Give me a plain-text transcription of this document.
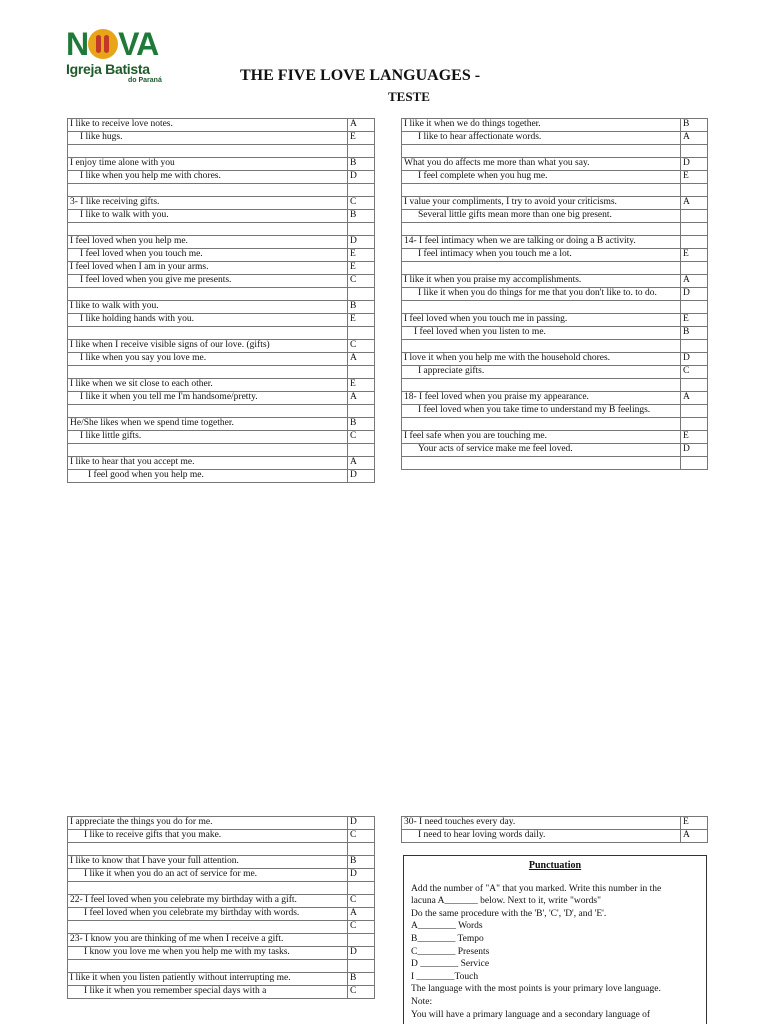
N VA
Igreja Batista
do Paraná	THE FIVE LOVE LANGUAGES -
TESTE
I like to receive love notes.	A
I like hugs.	E

I enjoy time alone with you	B
I like when you help me with chores.	D

3- I like receiving gifts.	C
I like to walk with you.	B

I feel loved when you help me.	D
I feel loved when you touch me.	E
I feel loved when I am in your arms.	E
I feel loved when you give me presents.	C

I like to walk with you.	B
I like holding hands with you.	E

I like when I receive visible signs of our love. (gifts)	C
I like when you say you love me.	A

I like when we sit close to each other.	E
I like it when you tell me I'm handsome/pretty.	A

He/She likes when we spend time together.	B
I like little gifts.	C

I like to hear that you accept me.	A
I feel good when you help me.	D
I like it when we do things together.	B
I like to hear affectionate words.	A

What you do affects me more than what you say.	D
I feel complete when you hug me.	E

I value your compliments, I try to avoid your criticisms.	A
Several little gifts mean more than one big present.	

14- I feel intimacy when we are talking or doing a B activity.	
I feel intimacy when you touch me a lot.	E

I like it when you praise my accomplishments.	A
I like it when you do things for me that you don't like to. to do.	D

I feel loved when you touch me in passing.	E
I feel loved when you listen to me.	B

I love it when you help me with the household chores.	D
I appreciate gifts.	C

18- I feel loved when you praise my appearance.	A
I feel loved when you take time to understand my B feelings.	

I feel safe when you are touching me.	E
Your acts of service make me feel loved.	D

I appreciate the things you do for me.	D
I like to receive gifts that you make.	C

I like to know that I have your full attention.	B
I like it when you do an act of service for me.	D

22- I feel loved when you celebrate my birthday with a gift.	C
I feel loved when you celebrate my birthday with words.	A
	C
23- I know you are thinking of me when I receive a gift.	
I know you love me when you help me with my tasks.	D

I like it when you listen patiently without interrupting me.	B
I like it when you remember special days with a	C
30- I need touches every day.	E
I need to hear loving words daily.	A
Punctuation
Add the number of "A" that you marked. Write this number in the
lacuna A_______ below. Next to it, write "words"
Do the same procedure with the 'B', 'C', 'D', and 'E'.
A________ Words
B________ Tempo
C________ Presents
D ________ Service
I ________Touch
The language with the most points is your primary love language.
Note:
You will have a primary language and a secondary language of
